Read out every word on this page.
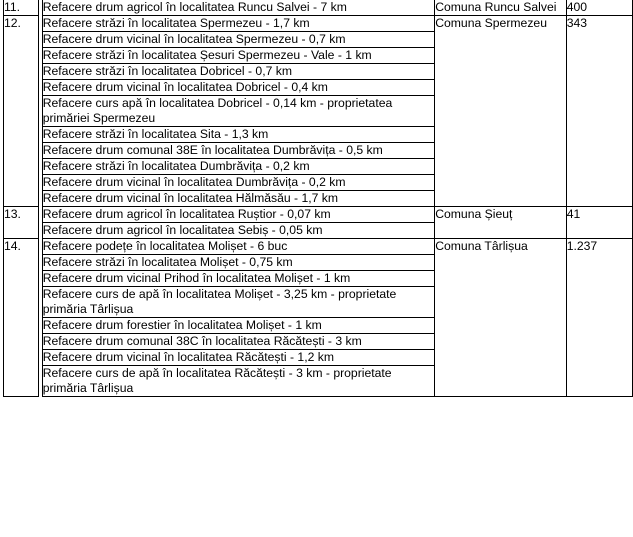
11.		Refacere drum agricol în localitatea Runcu Salvei - 7 km	Comuna Runcu Salvei	400
12.		Refacere străzi în localitatea Spermezeu - 1,7 km	Comuna Spermezeu	343
		Refacere drum vicinal în localitatea Spermezeu - 0,7 km		
		Refacere străzi în localitatea Șesuri Spermezeu - Vale - 1 km		
		Refacere străzi în localitatea Dobricel - 0,7 km		
		Refacere drum vicinal în localitatea Dobricel - 0,4 km		
		Refacere curs apă în localitatea Dobricel - 0,14 km - proprietatea primăriei Spermezeu		
		Refacere străzi în localitatea Sita - 1,3 km		
		Refacere drum comunal 38E în localitatea Dumbrăvița - 0,5 km		
		Refacere străzi în localitatea Dumbrăvița - 0,2 km		
		Refacere drum vicinal în localitatea Dumbrăvița - 0,2 km		
		Refacere drum vicinal în localitatea Hălmăsău - 1,7 km		
13.		Refacere drum agricol în localitatea Ruștior - 0,07 km	Comuna Șieuț	41
		Refacere drum agricol în localitatea Sebiș - 0,05 km		
14.		Refacere podețe în localitatea Molișet - 6 buc	Comuna Târlișua	1.237
		Refacere străzi în localitatea Molișet - 0,75 km		
		Refacere drum vicinal Prihod în localitatea Molișet - 1 km		
		Refacere curs de apă în localitatea Molișet - 3,25 km - proprietate primăria Târlișua		
		Refacere drum forestier în localitatea Molișet - 1 km		
		Refacere drum comunal 38C în localitatea Răcătești - 3 km		
		Refacere drum vicinal în localitatea Răcătești - 1,2 km		
		Refacere curs de apă în localitatea Răcătești - 3 km - proprietate primăria Târlișua		
